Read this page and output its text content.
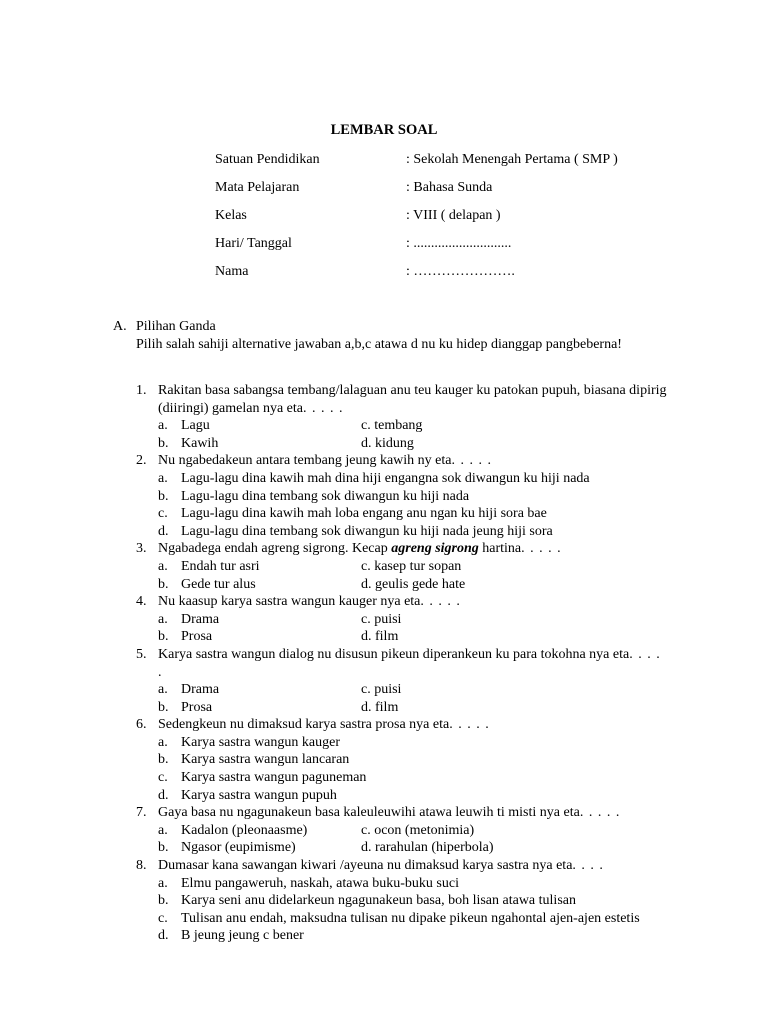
LEMBAR SOAL
Satuan Pendidikan	: Sekolah Menengah Pertama ( SMP )
Mata Pelajaran	: Bahasa Sunda
Kelas	: VIII ( delapan )
Hari/ Tanggal	: ............................
Nama	: ………………….
A. Pilihan Ganda
Pilih salah sahiji alternative jawaban a,b,c atawa d nu ku hidep dianggap pangbeberna!
1. Rakitan basa sabangsa tembang/lalaguan anu teu kauger ku patokan pupuh, biasana dipirig (diiringi) gamelan nya eta. . . . .
a. Lagu	c. tembang
b. Kawih	d. kidung
2. Nu ngabedakeun antara tembang jeung kawih ny eta. . . . .
a. Lagu-lagu dina kawih mah dina hiji engangna sok diwangun ku hiji nada
b. Lagu-lagu dina tembang sok diwangun ku hiji nada
c. Lagu-lagu dina kawih mah loba engang anu ngan ku hiji sora bae
d. Lagu-lagu dina tembang sok diwangun ku hiji nada jeung hiji sora
3. Ngabadega endah agreng sigrong. Kecap agreng sigrong hartina. . . . .
a. Endah tur asri	c. kasep tur sopan
b. Gede tur alus	d. geulis gede hate
4. Nu kaasup karya sastra wangun kauger nya eta. . . . .
a. Drama	c. puisi
b. Prosa	d. film
5. Karya sastra wangun dialog nu disusun pikeun diperankeun ku para tokohna nya eta. . . . .
a. Drama	c. puisi
b. Prosa	d. film
6. Sedengkeun nu dimaksud karya sastra prosa nya eta. . . . .
a. Karya sastra wangun kauger
b. Karya sastra wangun lancaran
c. Karya sastra wangun paguneman
d. Karya sastra wangun pupuh
7. Gaya basa nu ngagunakeun basa kaleuleuwihi atawa leuwih ti misti nya eta. . . . .
a. Kadalon (pleonaasme)	c. ocon (metonimia)
b. Ngasor (eupimisme)	d. rarahulan (hiperbola)
8. Dumasar kana sawangan kiwari /ayeuna nu dimaksud karya sastra nya eta. . . .
a. Elmu pangaweruh, naskah, atawa buku-buku suci
b. Karya seni anu didelarkeun ngagunakeun basa, boh lisan atawa tulisan
c. Tulisan anu endah, maksudna tulisan nu dipake pikeun ngahontal ajen-ajen estetis
d. B jeung jeung c bener
